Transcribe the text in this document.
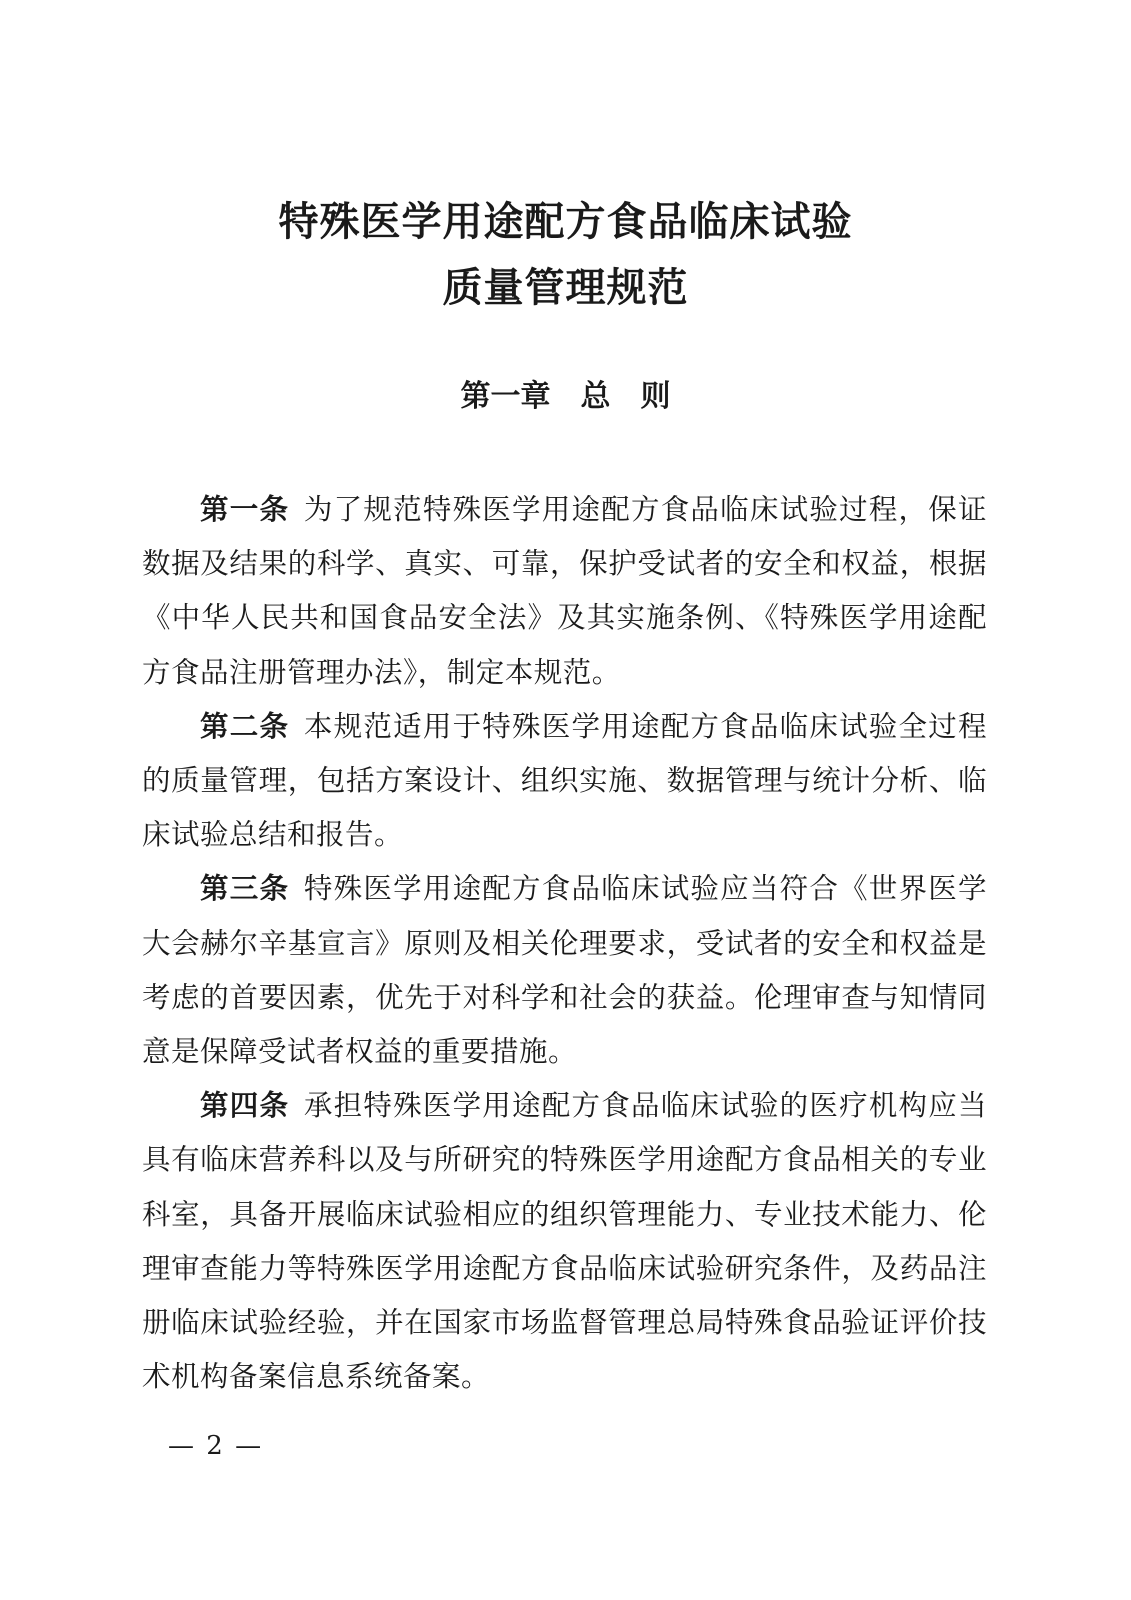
特殊医学用途配方食品临床试验
质量管理规范
第一章　总　则

第一条 为了规范特殊医学用途配方食品临床试验过程，保证数据及结果的科学、真实、可靠，保护受试者的安全和权益，根据《中华人民共和国食品安全法》及其实施条例、《特殊医学用途配方食品注册管理办法》，制定本规范。

第二条 本规范适用于特殊医学用途配方食品临床试验全过程的质量管理，包括方案设计、组织实施、数据管理与统计分析、临床试验总结和报告。

第三条 特殊医学用途配方食品临床试验应当符合《世界医学大会赫尔辛基宣言》原则及相关伦理要求，受试者的安全和权益是考虑的首要因素，优先于对科学和社会的获益。伦理审查与知情同意是保障受试者权益的重要措施。

第四条 承担特殊医学用途配方食品临床试验的医疗机构应当具有临床营养科以及与所研究的特殊医学用途配方食品相关的专业科室，具备开展临床试验相应的组织管理能力、专业技术能力、伦理审查能力等特殊医学用途配方食品临床试验研究条件，及药品注册临床试验经验，并在国家市场监督管理总局特殊食品验证评价技术机构备案信息系统备案。

— 2 —
